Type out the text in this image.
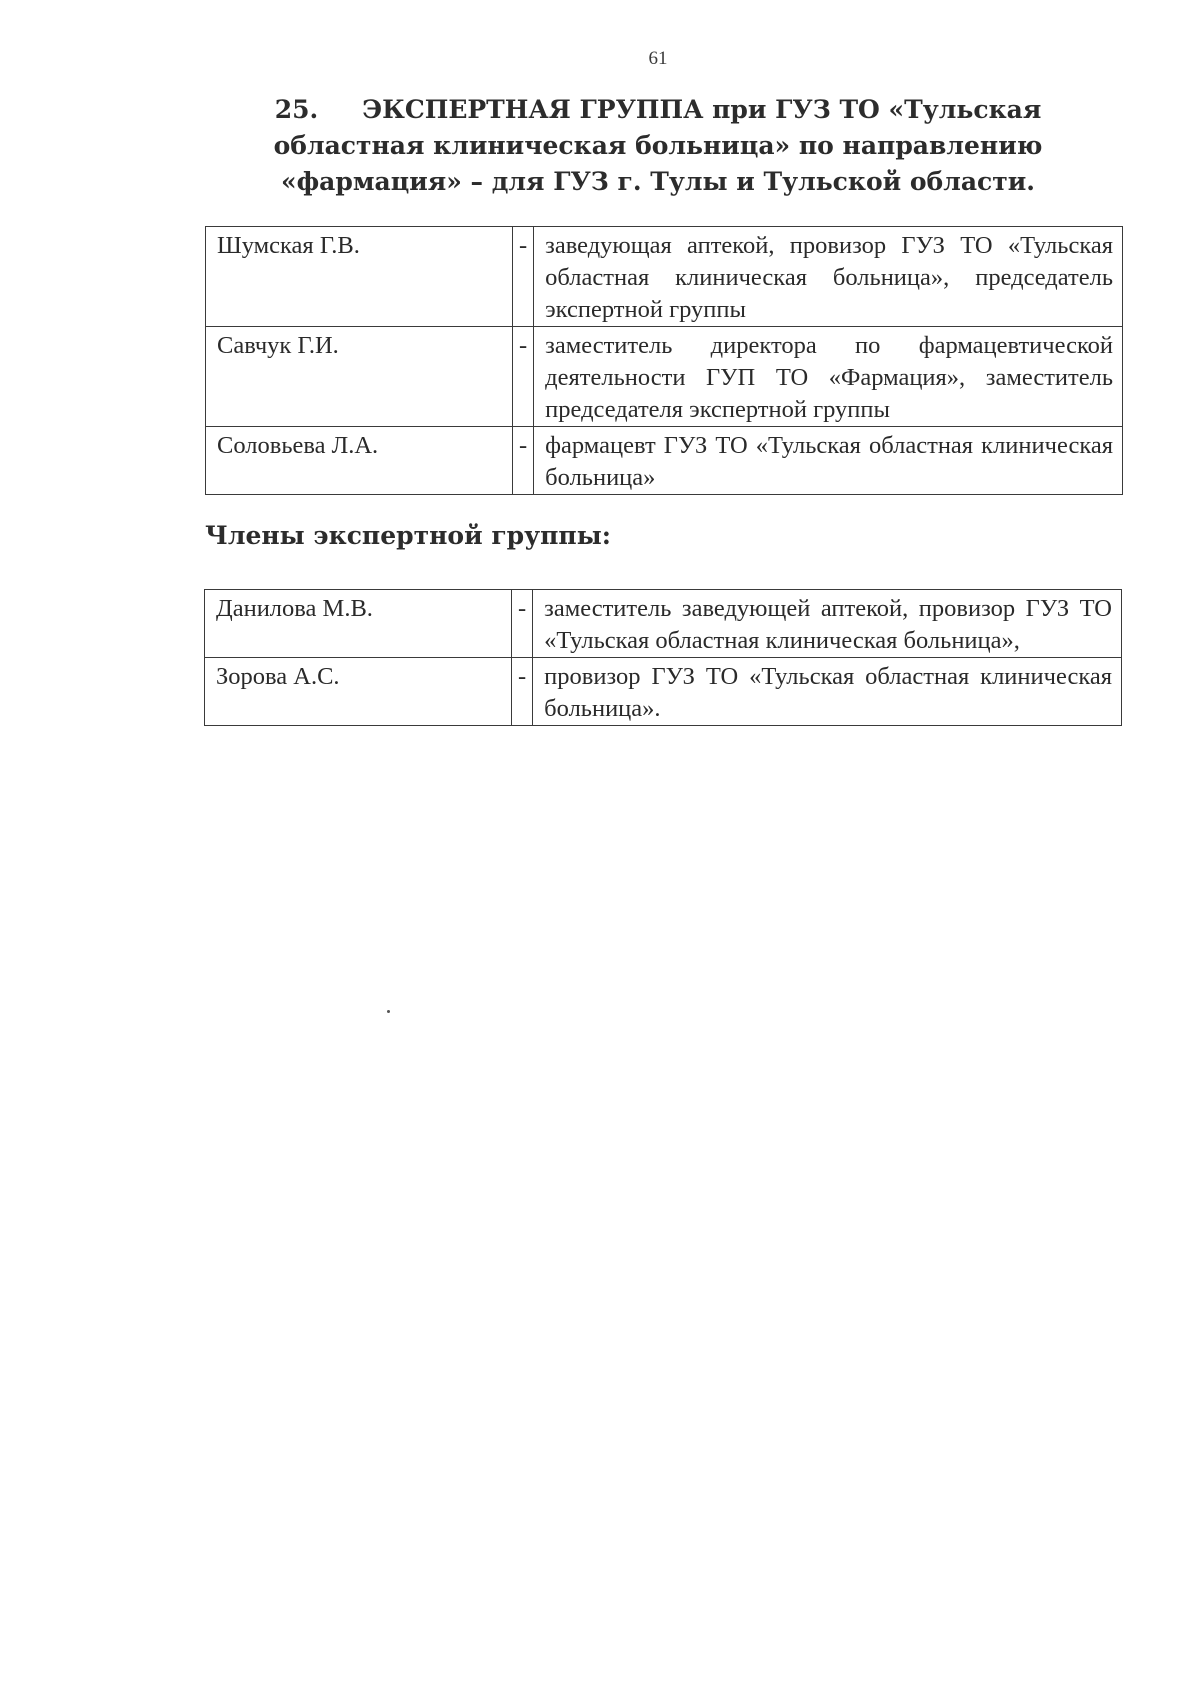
61
25. ЭКСПЕРТНАЯ ГРУППА при ГУЗ ТО «Тульская областная клиническая больница» по направлению «фармация» – для ГУЗ г. Тулы и Тульской области.
Шумская Г.В.	-	заведующая аптекой, провизор ГУЗ ТО «Тульская областная клиническая больница», председатель экспертной группы
Савчук Г.И.	-	заместитель директора по фармацевтической деятельности ГУП ТО «Фармация», заместитель председателя экспертной группы
Соловьева Л.А.	-	фармацевт ГУЗ ТО «Тульская областная клиническая больница»
Члены экспертной группы:
Данилова М.В.	-	заместитель заведующей аптекой, провизор ГУЗ ТО «Тульская областная клиническая больница»,
Зорова А.С.	-	провизор ГУЗ ТО «Тульская областная клиническая больница».
